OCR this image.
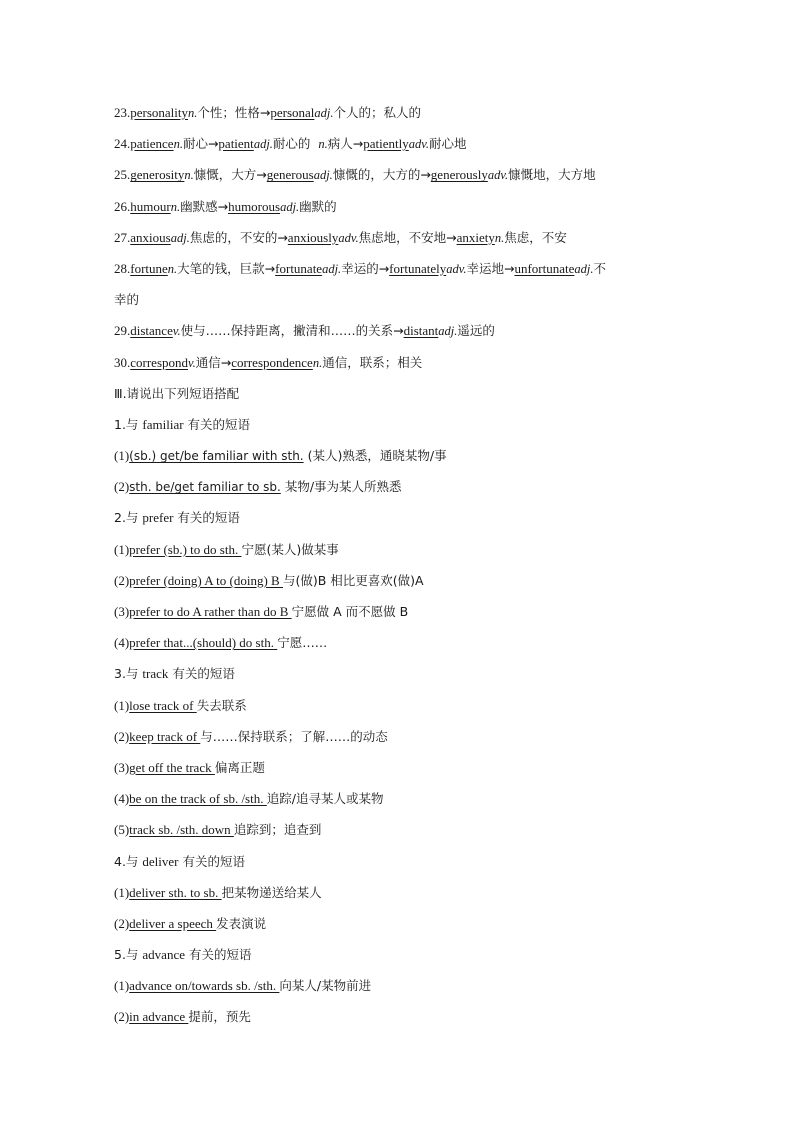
23.personalityn.个性；性格→personaladj.个人的；私人的
24.patiencen.耐心→patientadj.耐心的  n.病人→patientlyadv.耐心地
25.generosityn.慷慨，大方→generousadj.慷慨的，大方的→generouslyadv.慷慨地，大方地
26.humourn.幽默感→humorousadj.幽默的
27.anxiousadj.焦虑的，不安的→anxiouslyadv.焦虑地，不安地→anxietyn.焦虑，不安
28.fortunen.大笔的钱，巨款→fortunateadj.幸运的→fortunatelyadv.幸运地→unfortunateadj.不
幸的
29.distancev.使与……保持距离，撇清和……的关系→distantadj.遥远的
30.correspondv.通信→correspondencen.通信，联系；相关
Ⅲ.请说出下列短语搭配
1.与 familiar 有关的短语
(1)(sb.) get/be familiar with sth. (某人)熟悉，通晓某物/事
(2)sth. be/get familiar to sb. 某物/事为某人所熟悉
2.与 prefer 有关的短语
(1)prefer (sb.) to do sth. 宁愿(某人)做某事
(2)prefer (doing) A to (doing) B 与(做)B 相比更喜欢(做)A
(3)prefer to do A rather than do B 宁愿做 A 而不愿做 B
(4)prefer that...(should) do sth. 宁愿……
3.与 track 有关的短语
(1)lose track of 失去联系
(2)keep track of 与……保持联系；了解……的动态
(3)get off the track 偏离正题
(4)be on the track of sb. /sth. 追踪/追寻某人或某物
(5)track sb. /sth. down 追踪到；追查到
4.与 deliver 有关的短语
(1)deliver sth. to sb. 把某物递送给某人
(2)deliver a speech 发表演说
5.与 advance 有关的短语
(1)advance on/towards sb. /sth. 向某人/某物前进
(2)in advance 提前，预先
